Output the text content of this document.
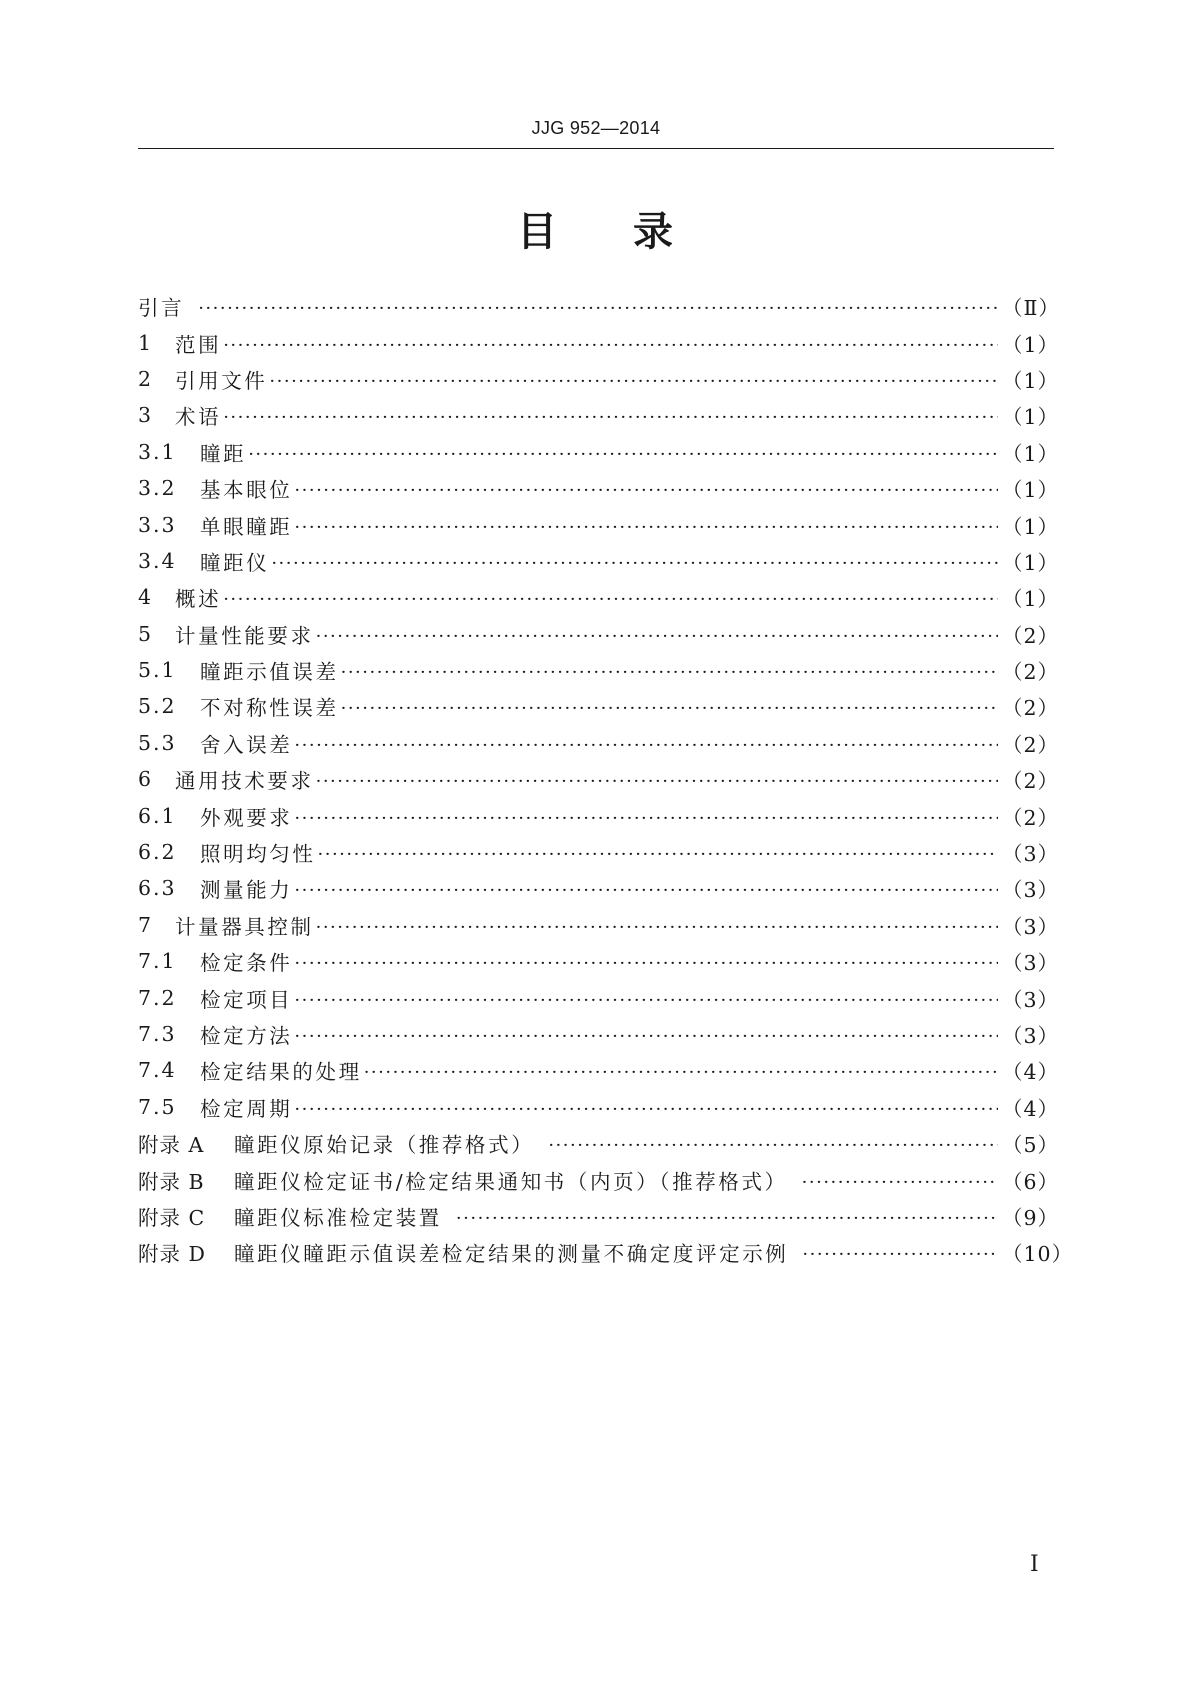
JJG 952—2014
目 录
引言 ·····	（Ⅱ）
1	范围 ·····	（1）
2	引用文件 ·····	（1）
3	术语 ·····	（1）
3.1	瞳距 ·····	（1）
3.2	基本眼位 ·····	（1）
3.3	单眼瞳距 ·····	（1）
3.4	瞳距仪 ·····	（1）
4	概述 ·····	（1）
5	计量性能要求 ·····	（2）
5.1	瞳距示值误差 ·····	（2）
5.2	不对称性误差 ·····	（2）
5.3	舍入误差 ·····	（2）
6	通用技术要求 ·····	（2）
6.1	外观要求 ·····	（2）
6.2	照明均匀性 ·····	（3）
6.3	测量能力 ·····	（3）
7	计量器具控制 ·····	（3）
7.1	检定条件 ·····	（3）
7.2	检定项目 ·····	（3）
7.3	检定方法 ·····	（3）
7.4	检定结果的处理 ·····	（4）
7.5	检定周期 ·····	（4）
附录 A	瞳距仪原始记录（推荐格式） ·····	（5）
附录 B	瞳距仪检定证书/检定结果通知书（内页）（推荐格式） ·····	（6）
附录 C	瞳距仪标准检定装置 ·····	（9）
附录 D	瞳距仪瞳距示值误差检定结果的测量不确定度评定示例 ·····	（10）
Ⅰ
